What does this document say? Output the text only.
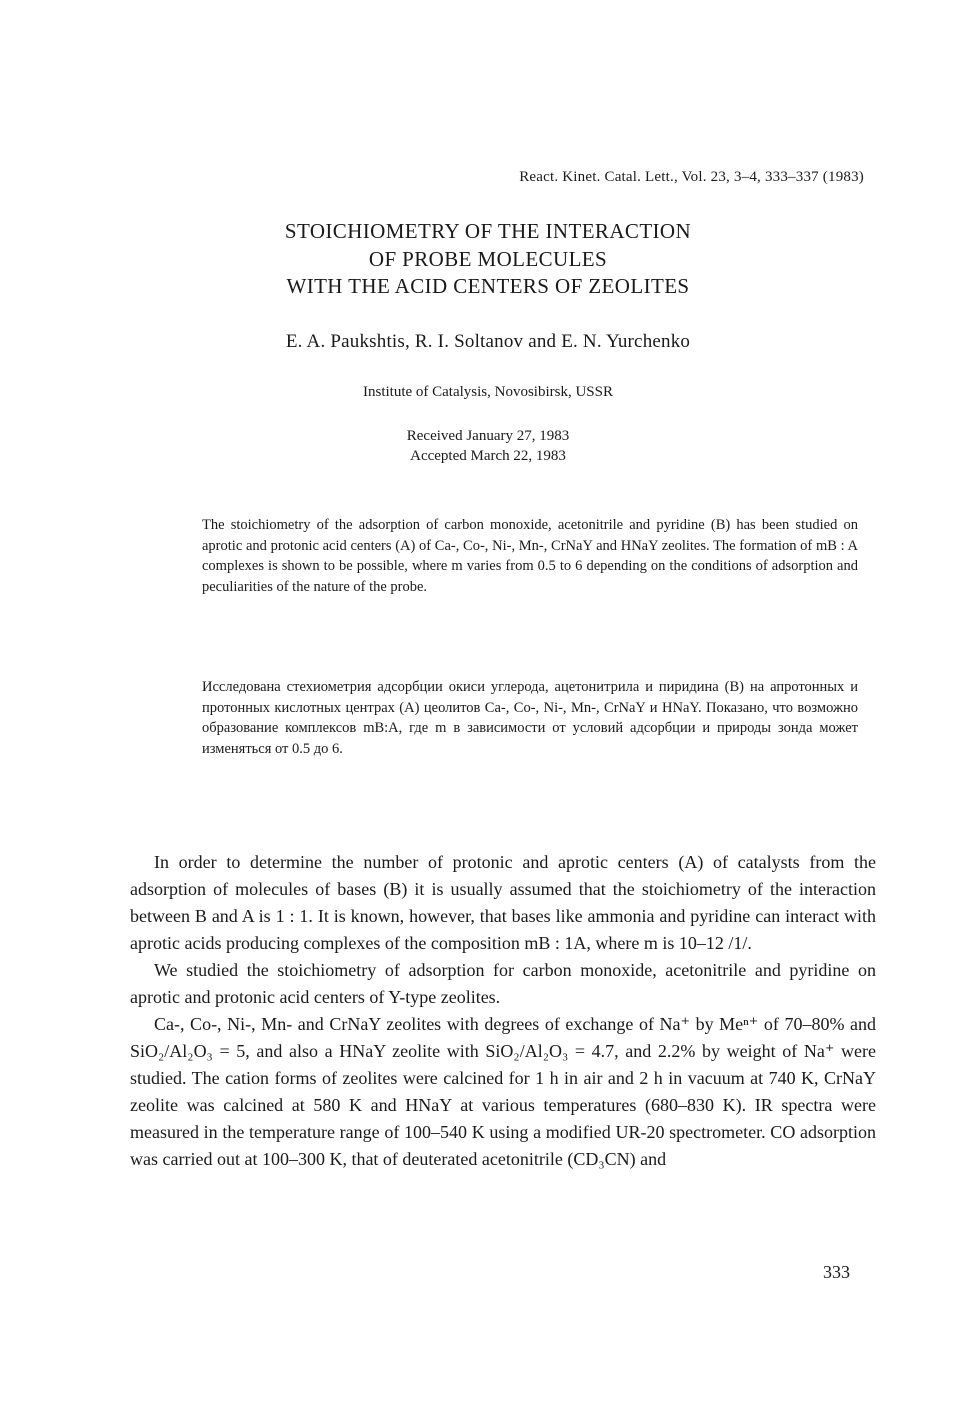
React. Kinet. Catal. Lett., Vol. 23, 3–4, 333–337 (1983)
STOICHIOMETRY OF THE INTERACTION
OF PROBE MOLECULES
WITH THE ACID CENTERS OF ZEOLITES
E. A. Paukshtis, R. I. Soltanov and E. N. Yurchenko
Institute of Catalysis, Novosibirsk, USSR
Received January 27, 1983
Accepted March 22, 1983
The stoichiometry of the adsorption of carbon monoxide, acetonitrile and pyridine (B) has been studied on aprotic and protonic acid centers (A) of Ca-, Co-, Ni-, Mn-, CrNaY and HNaY zeolites. The formation of mB : A complexes is shown to be possible, where m varies from 0.5 to 6 depending on the conditions of adsorption and peculiarities of the nature of the probe.
Исследована стехиометрия адсорбции окиси углерода, ацетонитрила и пиридина (B) на апротонных и протонных кислотных центрах (A) цеолитов Ca-, Co-, Ni-, Mn-, CrNaY и HNaY. Показано, что возможно образование комплексов mB:A, где m в зависимости от условий адсорбции и природы зонда может изменяться от 0.5 до 6.

In order to determine the number of protonic and aprotic centers (A) of catalysts from the adsorption of molecules of bases (B) it is usually assumed that the stoichiometry of the interaction between B and A is 1 : 1. It is known, however, that bases like ammonia and pyridine can interact with aprotic acids producing complexes of the composition mB : 1A, where m is 10–12 /1/.

We studied the stoichiometry of adsorption for carbon monoxide, acetonitrile and pyridine on aprotic and protonic acid centers of Y-type zeolites.

Ca-, Co-, Ni-, Mn- and CrNaY zeolites with degrees of exchange of Na⁺ by Meⁿ⁺ of 70–80% and SiO₂/Al₂O₃ = 5, and also a HNaY zeolite with SiO₂/Al₂O₃ = 4.7, and 2.2% by weight of Na⁺ were studied. The cation forms of zeolites were calcined for 1 h in air and 2 h in vacuum at 740 K, CrNaY zeolite was calcined at 580 K and HNaY at various temperatures (680–830 K). IR spectra were measured in the temperature range of 100–540 K using a modified UR-20 spectrometer. CO adsorption was carried out at 100–300 K, that of deuterated acetonitrile (CD₃CN) and

333
